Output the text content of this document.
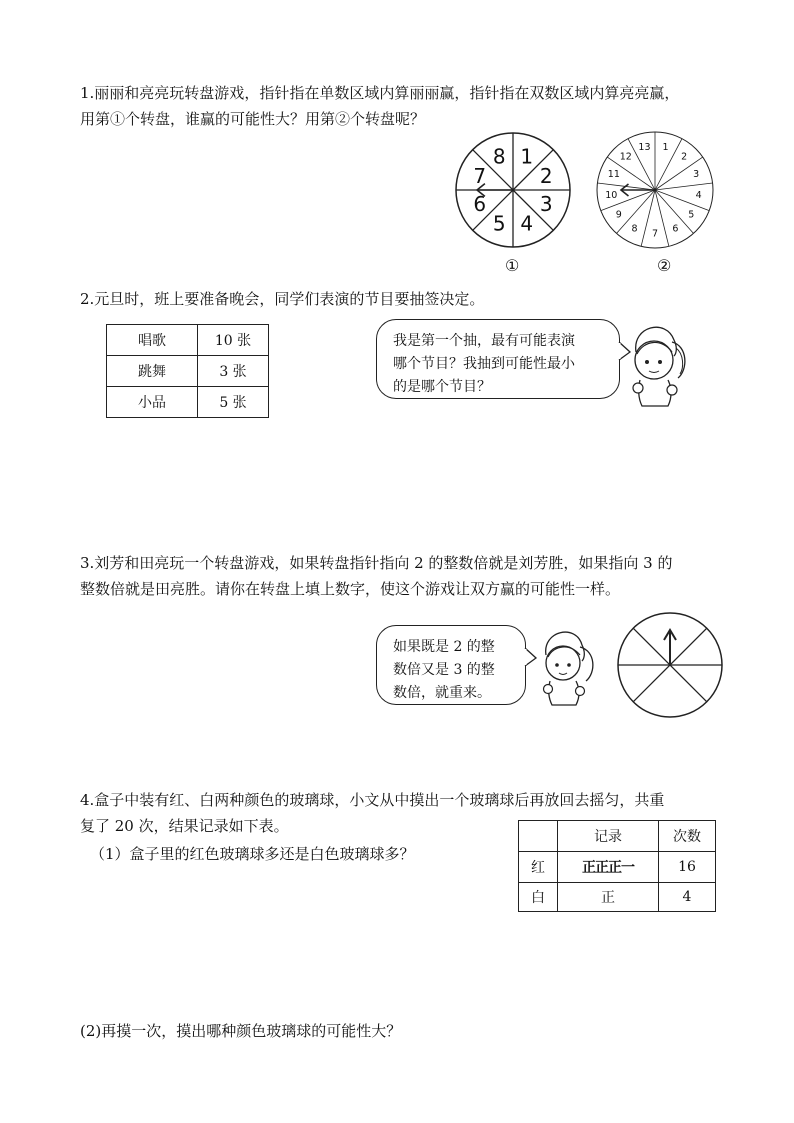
1.丽丽和亮亮玩转盘游戏，指针指在单数区域内算丽丽赢，指针指在双数区域内算亮亮赢，
用第①个转盘，谁赢的可能性大？用第②个转盘呢？
1
2
3
4
5
6
7
8
①
1
2
3
4
5
6
7
8
9
10
11
12
13
②
2.元旦时，班上要准备晚会，同学们表演的节目要抽签决定。
唱歌	10 张
跳舞	3 张
小品	5 张
我是第一个抽，最有可能表演
哪个节目？我抽到可能性最小
的是哪个节目？
3.刘芳和田亮玩一个转盘游戏，如果转盘指针指向 2 的整数倍就是刘芳胜，如果指向 3 的
整数倍就是田亮胜。请你在转盘上填上数字，使这个游戏让双方赢的可能性一样。
如果既是 2 的整
数倍又是 3 的整
数倍，就重来。
4.盒子中装有红、白两种颜色的玻璃球，小文从中摸出一个玻璃球后再放回去摇匀，共重
复了 20 次，结果记录如下表。
（1）盒子里的红色玻璃球多还是白色玻璃球多？
	记录	次数
红	正正正一	16
白	正	4
(2)再摸一次，摸出哪种颜色玻璃球的可能性大？
